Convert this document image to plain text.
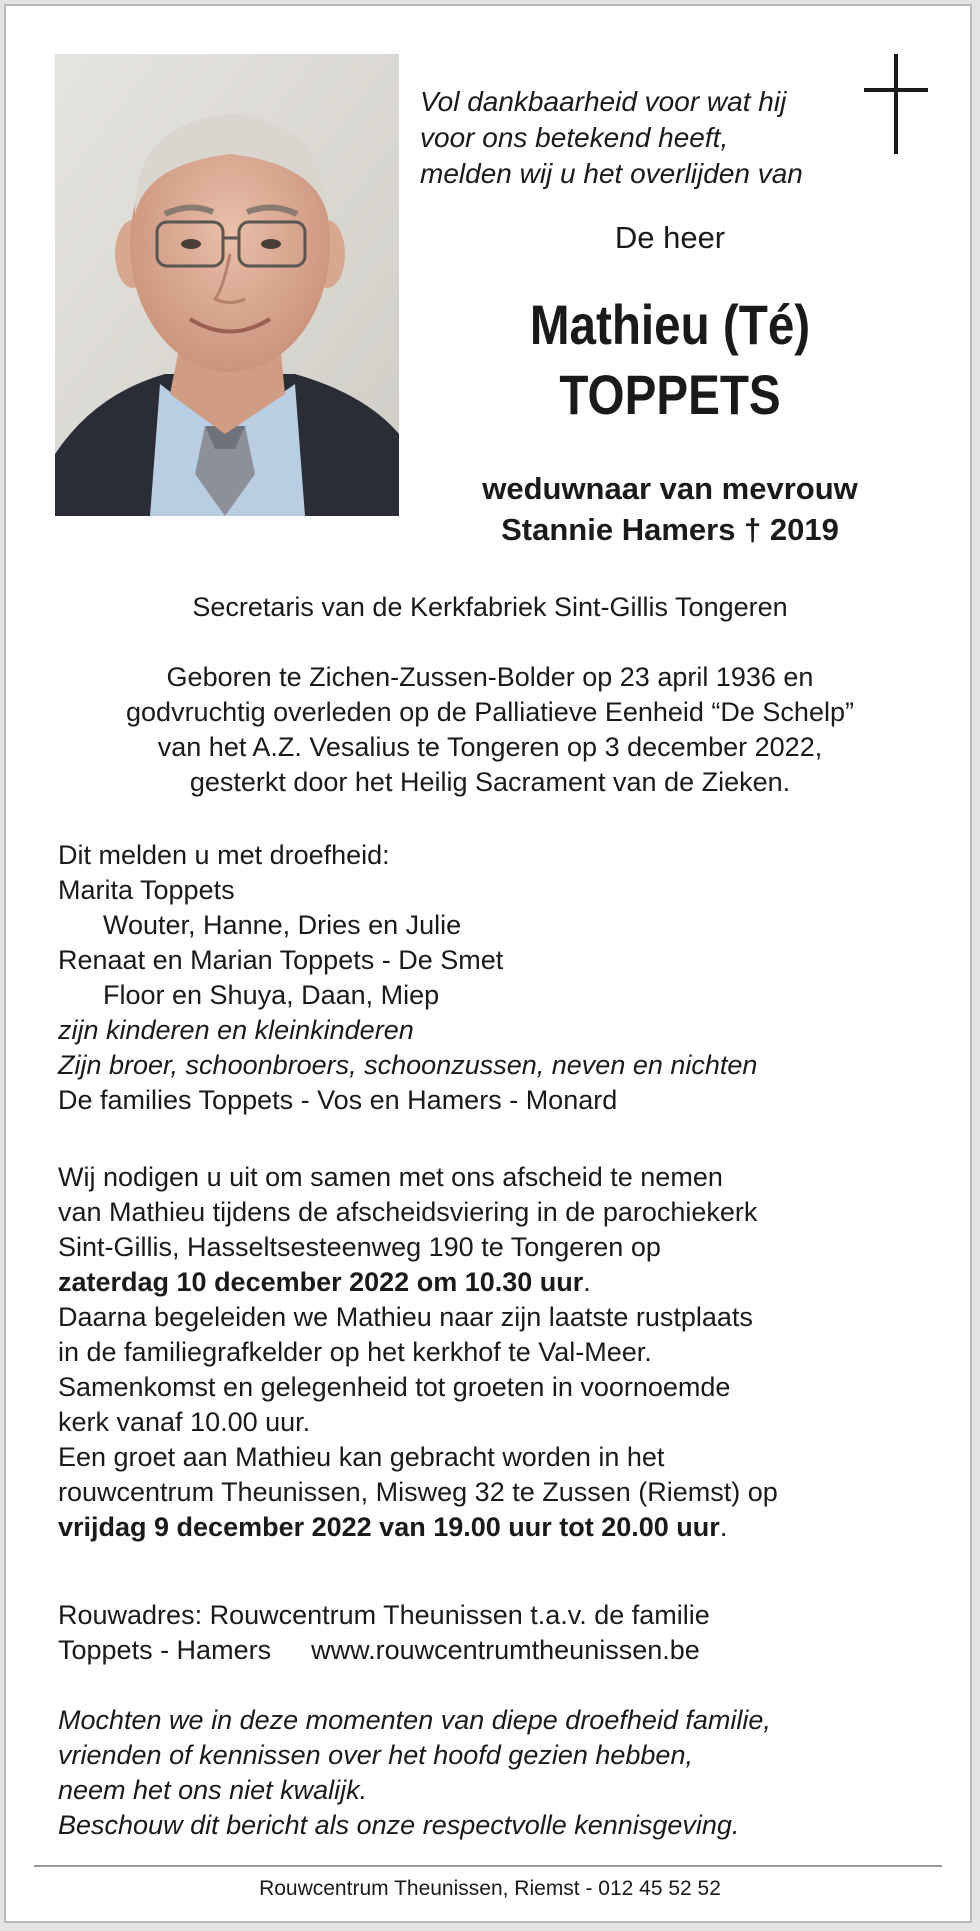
Vol dankbaarheid voor wat hij
voor ons betekend heeft,
melden wij u het overlijden van
De heer
Mathieu (Té)
TOPPETS
weduwnaar van mevrouw
Stannie Hamers † 2019
Secretaris van de Kerkfabriek Sint-Gillis Tongeren
Geboren te Zichen-Zussen-Bolder op 23 april 1936 en
godvruchtig overleden op de Palliatieve Eenheid “De Schelp”
van het A.Z. Vesalius te Tongeren op 3 december 2022,
gesterkt door het Heilig Sacrament van de Zieken.
Dit melden u met droefheid:
Marita Toppets
Wouter, Hanne, Dries en Julie
Renaat en Marian Toppets - De Smet
Floor en Shuya, Daan, Miep
zijn kinderen en kleinkinderen
Zijn broer, schoonbroers, schoonzussen, neven en nichten
De families Toppets - Vos en Hamers - Monard
Wij nodigen u uit om samen met ons afscheid te nemen
van Mathieu tijdens de afscheidsviering in de parochiekerk
Sint-Gillis, Hasseltsesteenweg 190 te Tongeren op
zaterdag 10 december 2022 om 10.30 uur.
Daarna begeleiden we Mathieu naar zijn laatste rustplaats
in de familiegrafkelder op het kerkhof te Val-Meer.
Samenkomst en gelegenheid tot groeten in voornoemde
kerk vanaf 10.00 uur.
Een groet aan Mathieu kan gebracht worden in het
rouwcentrum Theunissen, Misweg 32 te Zussen (Riemst) op
vrijdag 9 december 2022 van 19.00 uur tot 20.00 uur.
Rouwadres: Rouwcentrum Theunissen t.a.v. de familie
Toppets - Hamers www.rouwcentrumtheunissen.be
Mochten we in deze momenten van diepe droefheid familie,
vrienden of kennissen over het hoofd gezien hebben,
neem het ons niet kwalijk.
Beschouw dit bericht als onze respectvolle kennisgeving.
Rouwcentrum Theunissen, Riemst - 012 45 52 52
